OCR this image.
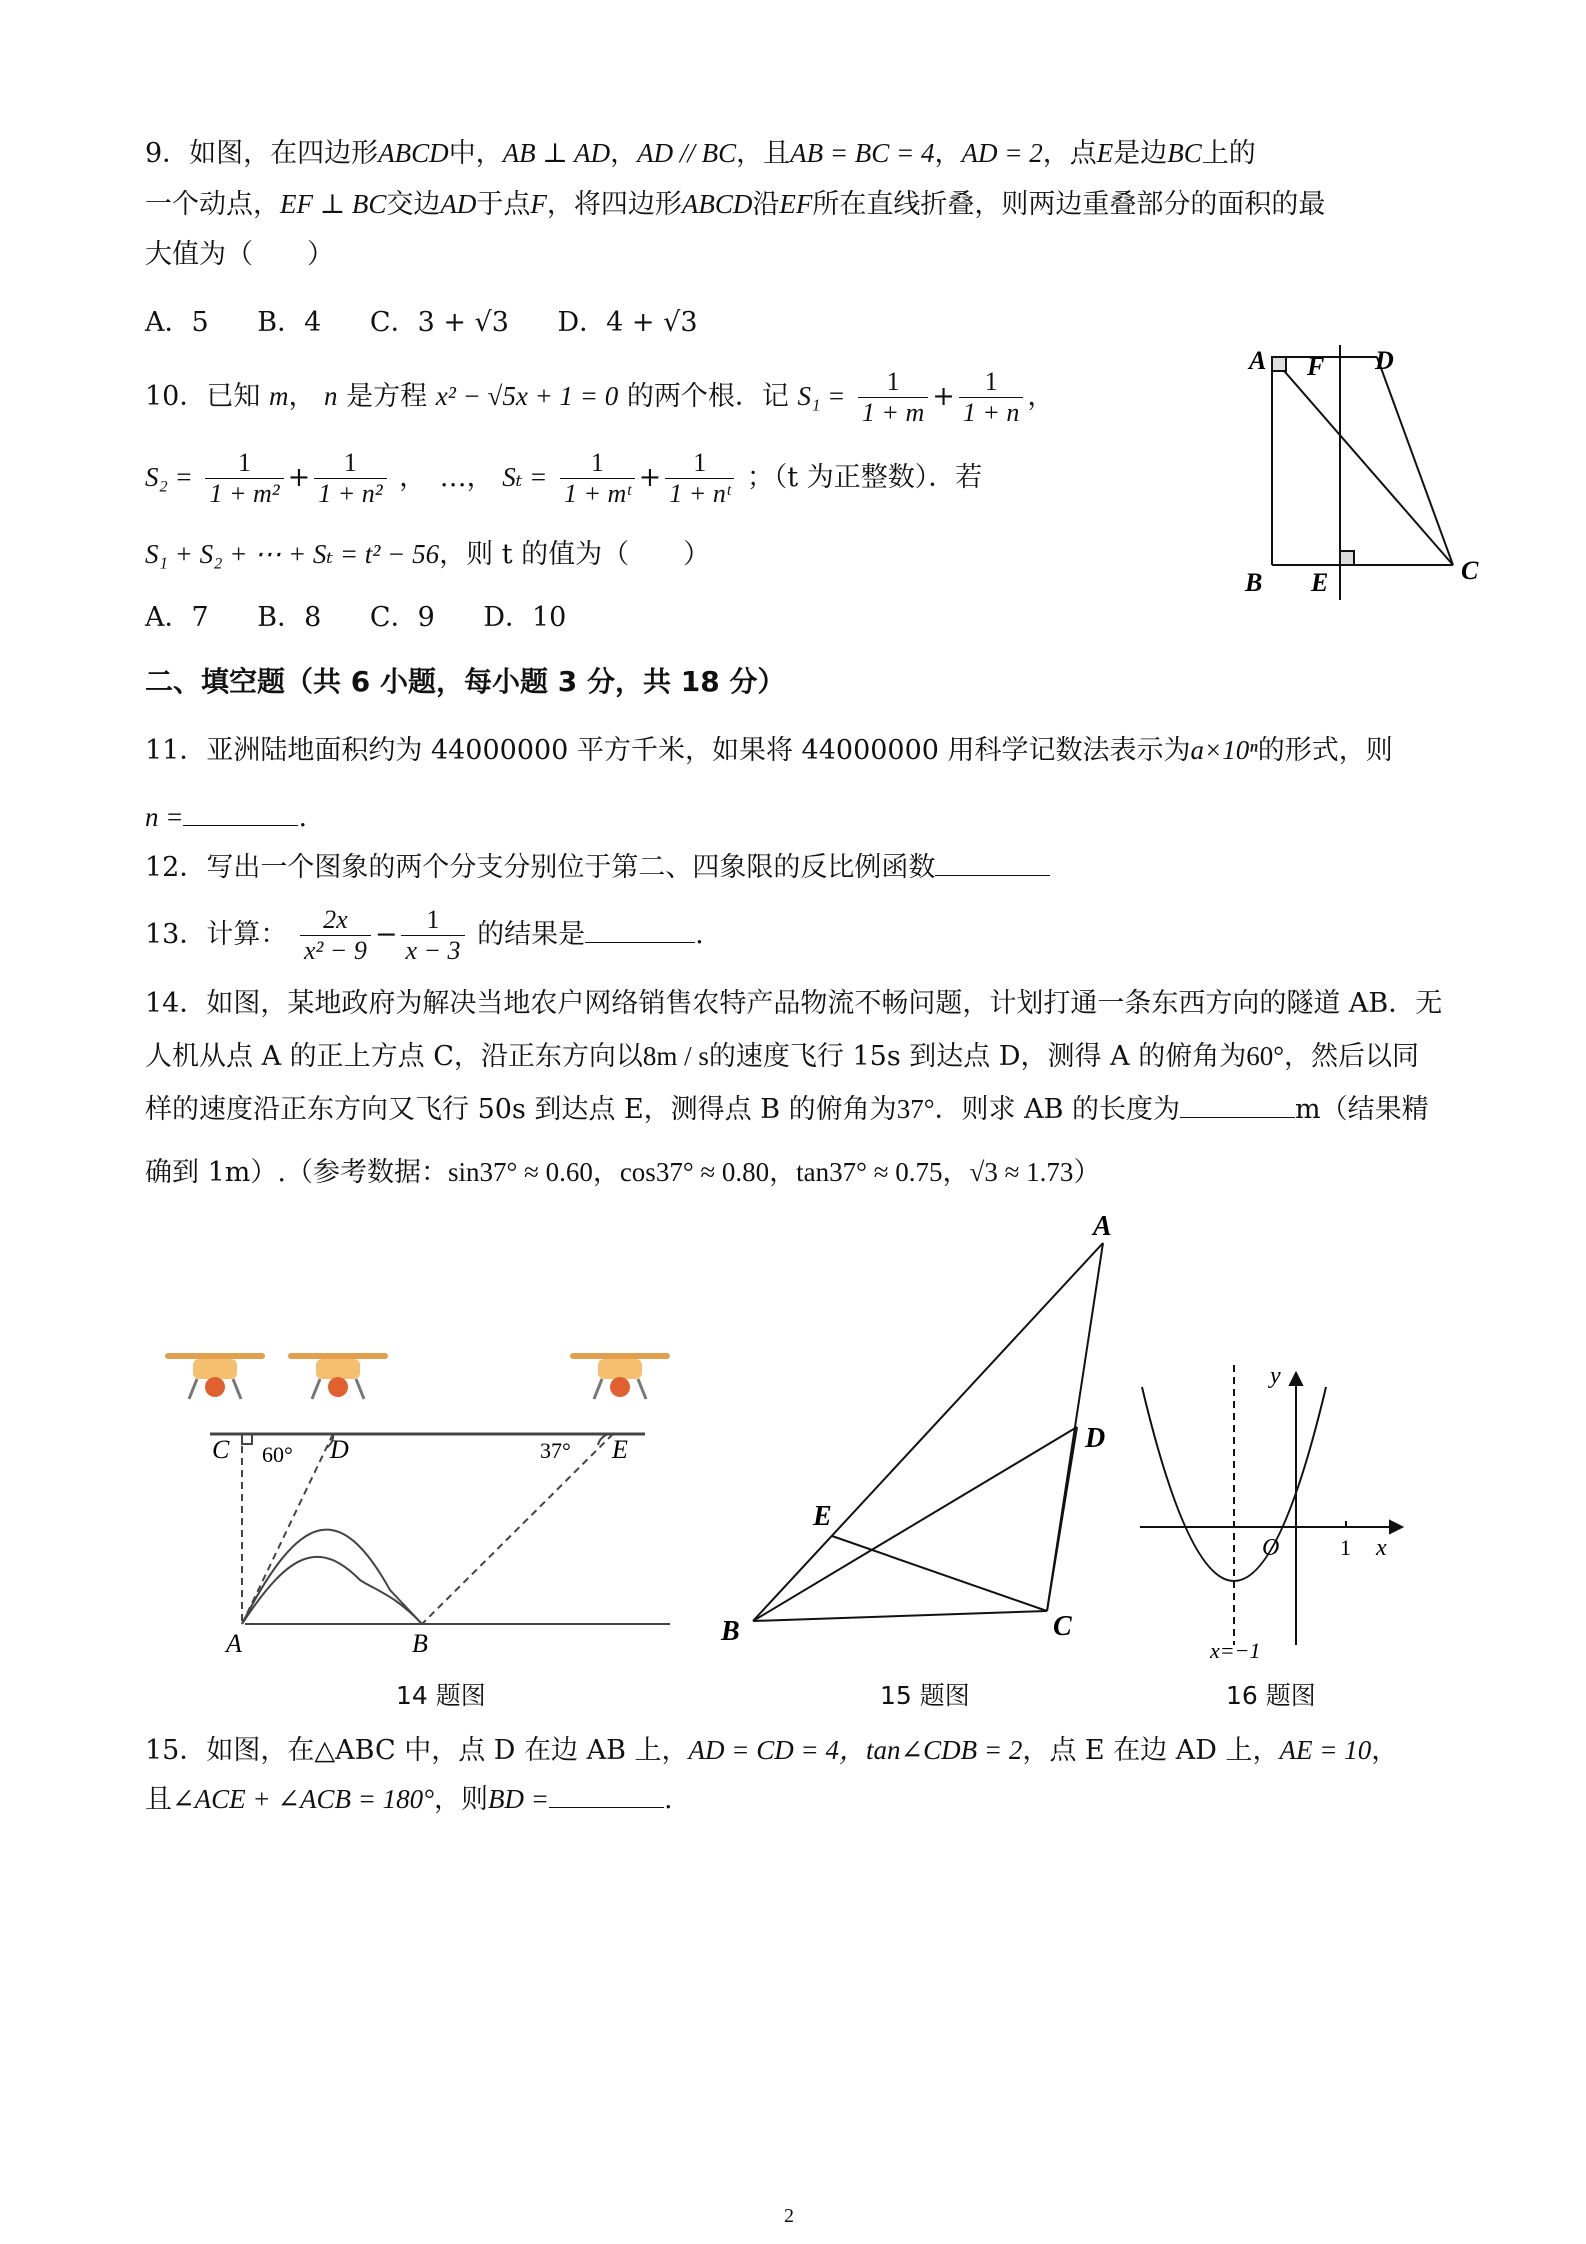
9．如图，在四边形ABCD中，AB ⊥ AD，AD // BC，且AB = BC = 4，AD = 2，点E是边BC上的
一个动点，EF ⊥ BC交边AD于点F，将四边形ABCD沿EF所在直线折叠，则两边重叠部分的面积的最
大值为（　　）
A．5 B．4 C．3 + √3 D．4 + √3
10．已知 m， n 是方程 x² − √5x + 1 = 0 的两个根．记 $S_1 = \frac{1}{1 + m} + \frac{1}{1 + n}$ ，
$S_2 = \frac{1}{\text{1 + m²}} + \frac{1}{\text{1 + n²}}$ ，　…， $S_t = \frac{1}{\text{1 + mᵗ}} + \frac{1}{\text{1 + nᵗ}}$ ；（t 为正整数）．若
S₁ + S₂ + ⋯ + Sₜ = t² − 56，则 t 的值为（　　）
A．7 B．8 C．9 D．10
A F D
B E	C
二、填空题（共 6 小题，每小题 3 分，共 18 分）
11．亚洲陆地面积约为 44000000 平方千米，如果将 44000000 用科学记数法表示为a×10ⁿ的形式，则
n =	.
12．写出一个图象的两个分支分别位于第二、四象限的反比例函数
13．计算： $\frac{2x}{\text{x² − 9}} - \frac{1}{x - 3}$ 的结果是	.
14．如图，某地政府为解决当地农户网络销售农特产品物流不畅问题，计划打通一条东西方向的隧道 AB．无
人机从点 A 的正上方点 C，沿正东方向以8m / s的速度飞行 15s 到达点 D，测得 A 的俯角为60°，然后以同
样的速度沿正东方向又飞行 50s 到达点 E，测得点 B 的俯角为37°．则求 AB 的长度为	m（结果精
确到 1m）.（参考数据：sin37° ≈ 0.60，cos37° ≈ 0.80，tan37° ≈ 0.75，√3 ≈ 1.73）
C 60° D	37° E
A	B
A
D
E
B	C
y
O	1 x
x=−1
14 题图	15 题图	16 题图
15．如图，在△ABC 中，点 D 在边 AB 上，AD = CD = 4，tan∠CDB = 2，点 E 在边 AD 上，AE = 10，
且∠ACE + ∠ACB = 180°，则BD =	.
2
